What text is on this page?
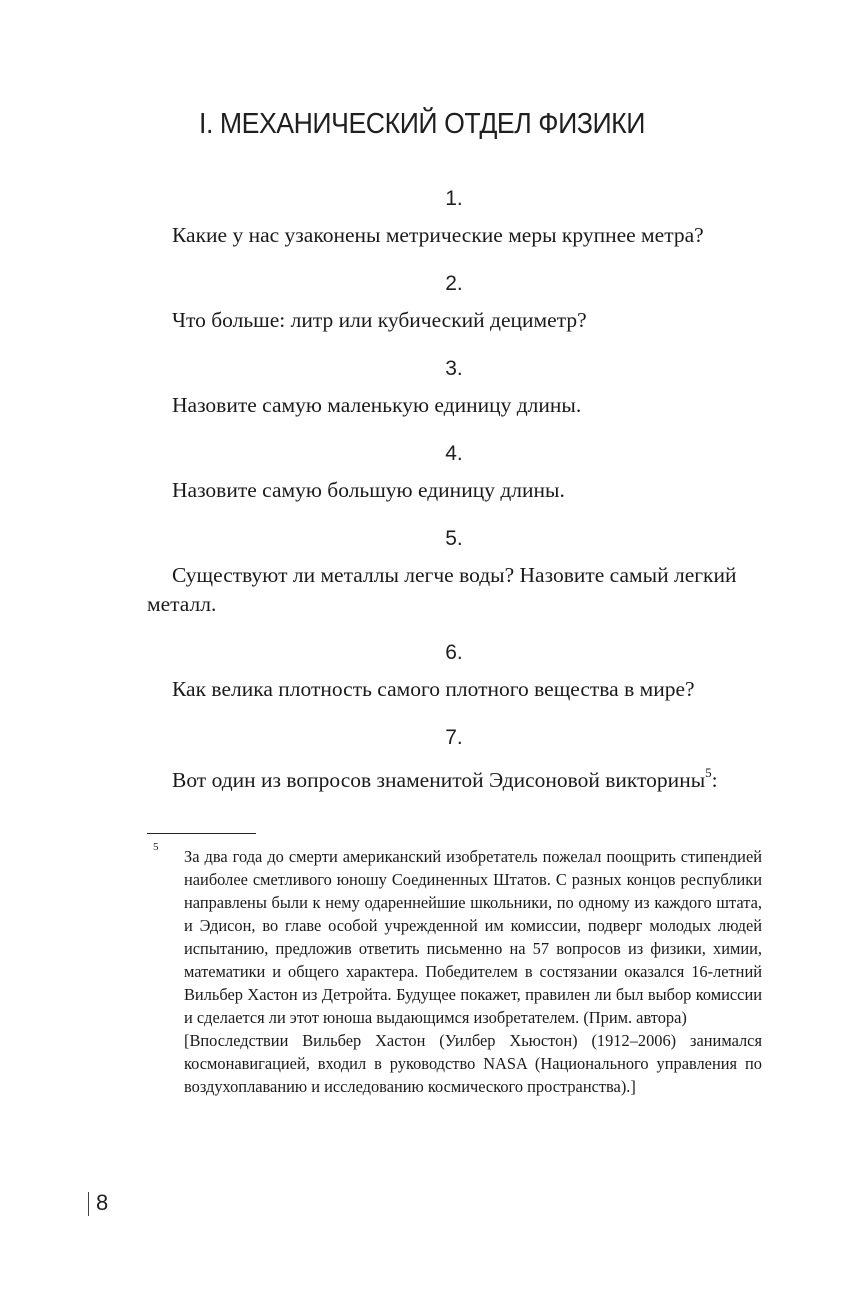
I. МЕХАНИЧЕСКИЙ ОТДЕЛ ФИЗИКИ
1.
Какие у нас узаконены метрические меры крупнее метра?
2.
Что больше: литр или кубический дециметр?
3.
Назовите самую маленькую единицу длины.
4.
Назовите самую большую единицу длины.
5.
Существуют ли металлы легче воды? Назовите самый легкий металл.
6.
Как велика плотность самого плотного вещества в мире?
7.
Вот один из вопросов знаменитой Эдисоновой викторины$^5$:
5 За два года до смерти американский изобретатель пожелал поощрить стипендией наиболее сметливого юношу Соединенных Штатов. С разных концов республики направлены были к нему одареннейшие школьники, по одному из каждого штата, и Эдисон, во главе особой учрежденной им комиссии, подверг молодых людей испытанию, предложив ответить письменно на 57 вопросов из физики, химии, математики и общего характера. Победителем в состязании оказался 16-летний Вильбер Хастон из Детройта. Будущее покажет, правилен ли был выбор комиссии и сделается ли этот юноша выдающимся изобретателем. (Прим. автора)

[Впоследствии Вильбер Хастон (Уилбер Хьюстон) (1912–2006) занимался космонавигацией, входил в руководство NASA (Национального управления по воздухоплаванию и исследованию космического пространства).]

8
